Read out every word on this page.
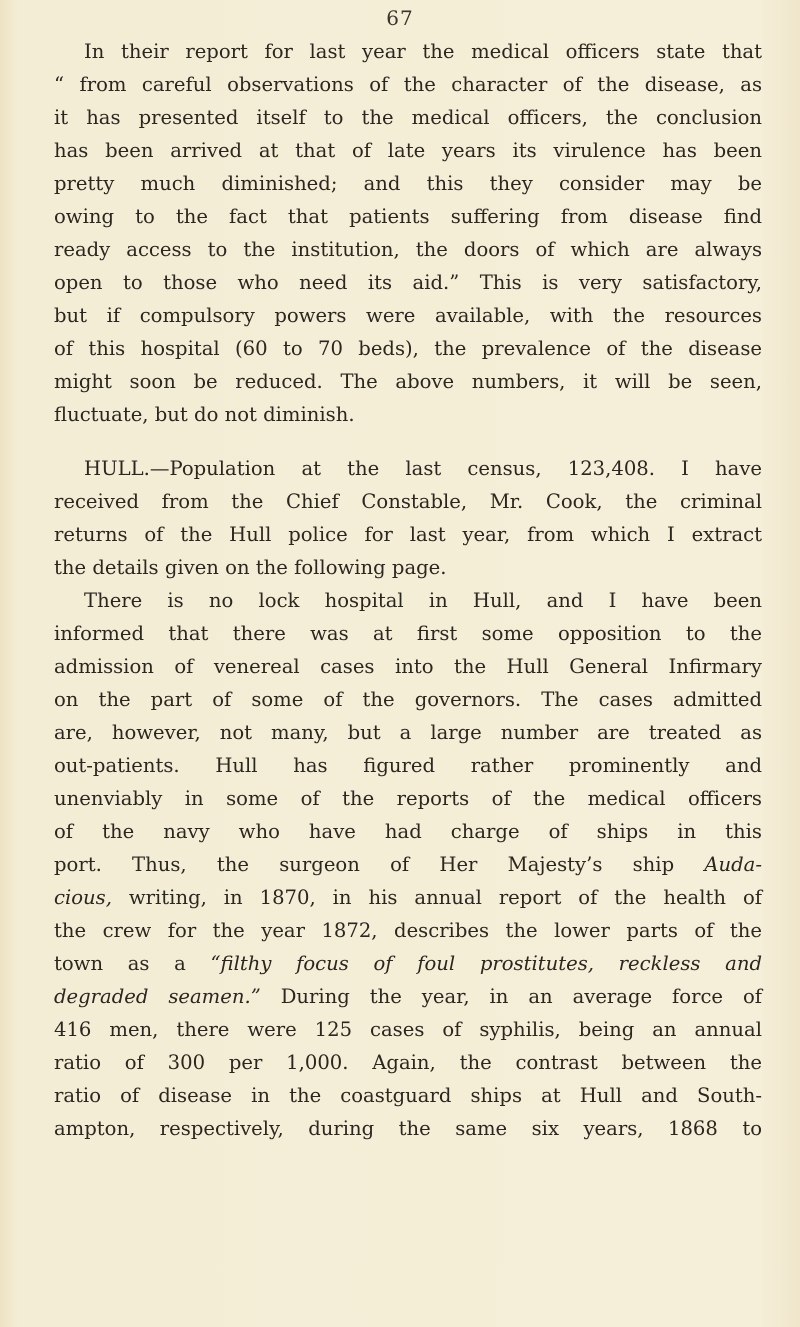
67
In their report for last year the medical officers state that
“ from careful observations of the character of the disease, as
it has presented itself to the medical officers, the conclusion
has been arrived at that of late years its virulence has been
pretty much diminished; and this they consider may be
owing to the fact that patients suffering from disease find
ready access to the institution, the doors of which are always
open to those who need its aid.” This is very satisfactory,
but if compulsory powers were available, with the resources
of this hospital (60 to 70 beds), the prevalence of the disease
might soon be reduced. The above numbers, it will be seen,
fluctuate, but do not diminish.
HULL.—Population at the last census, 123,408. I have
received from the Chief Constable, Mr. Cook, the criminal
returns of the Hull police for last year, from which I extract
the details given on the following page.
There is no lock hospital in Hull, and I have been
informed that there was at first some opposition to the
admission of venereal cases into the Hull General Infirmary
on the part of some of the governors. The cases admitted
are, however, not many, but a large number are treated as
out-patients. Hull has figured rather prominently and
unenviably in some of the reports of the medical officers
of the navy who have had charge of ships in this
port. Thus, the surgeon of Her Majesty’s ship Auda-
cious, writing, in 1870, in his annual report of the health of
the crew for the year 1872, describes the lower parts of the
town as a “filthy focus of foul prostitutes, reckless and
degraded seamen.” During the year, in an average force of
416 men, there were 125 cases of syphilis, being an annual
ratio of 300 per 1,000. Again, the contrast between the
ratio of disease in the coastguard ships at Hull and South-
ampton, respectively, during the same six years, 1868 to
